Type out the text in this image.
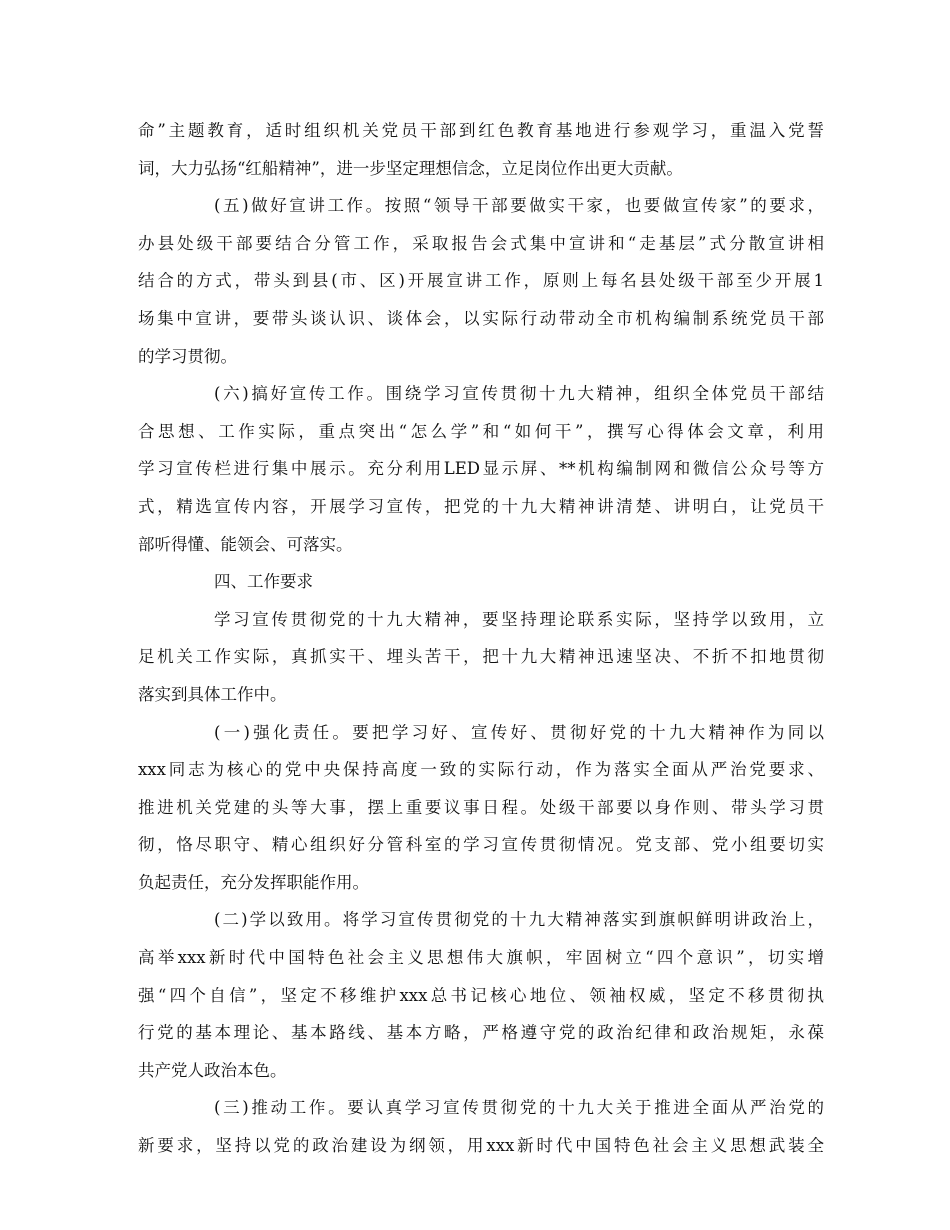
命”主题教育，适时组织机关党员干部到红色教育基地进行参观学习，重温入党誓
词，大力弘扬“红船精神”，进一步坚定理想信念，立足岗位作出更大贡献。
(五)做好宣讲工作。按照“领导干部要做实干家，也要做宣传家”的要求，
办县处级干部要结合分管工作，采取报告会式集中宣讲和“走基层”式分散宣讲相
结合的方式，带头到县(市、区)开展宣讲工作，原则上每名县处级干部至少开展1
场集中宣讲，要带头谈认识、谈体会，以实际行动带动全市机构编制系统党员干部
的学习贯彻。
(六)搞好宣传工作。围绕学习宣传贯彻十九大精神，组织全体党员干部结
合思想、工作实际，重点突出“怎么学”和“如何干”，撰写心得体会文章，利用
学习宣传栏进行集中展示。充分利用LED显示屏、**机构编制网和微信公众号等方
式，精选宣传内容，开展学习宣传，把党的十九大精神讲清楚、讲明白，让党员干
部听得懂、能领会、可落实。
四、工作要求
学习宣传贯彻党的十九大精神，要坚持理论联系实际，坚持学以致用，立
足机关工作实际，真抓实干、埋头苦干，把十九大精神迅速坚决、不折不扣地贯彻
落实到具体工作中。
(一)强化责任。要把学习好、宣传好、贯彻好党的十九大精神作为同以
xxx同志为核心的党中央保持高度一致的实际行动，作为落实全面从严治党要求、
推进机关党建的头等大事，摆上重要议事日程。处级干部要以身作则、带头学习贯
彻，恪尽职守、精心组织好分管科室的学习宣传贯彻情况。党支部、党小组要切实
负起责任，充分发挥职能作用。
(二)学以致用。将学习宣传贯彻党的十九大精神落实到旗帜鲜明讲政治上，
高举xxx新时代中国特色社会主义思想伟大旗帜，牢固树立“四个意识”，切实增
强“四个自信”，坚定不移维护xxx总书记核心地位、领袖权威，坚定不移贯彻执
行党的基本理论、基本路线、基本方略，严格遵守党的政治纪律和政治规矩，永葆
共产党人政治本色。
(三)推动工作。要认真学习宣传贯彻党的十九大关于推进全面从严治党的
新要求，坚持以党的政治建设为纲领，用xxx新时代中国特色社会主义思想武装全
